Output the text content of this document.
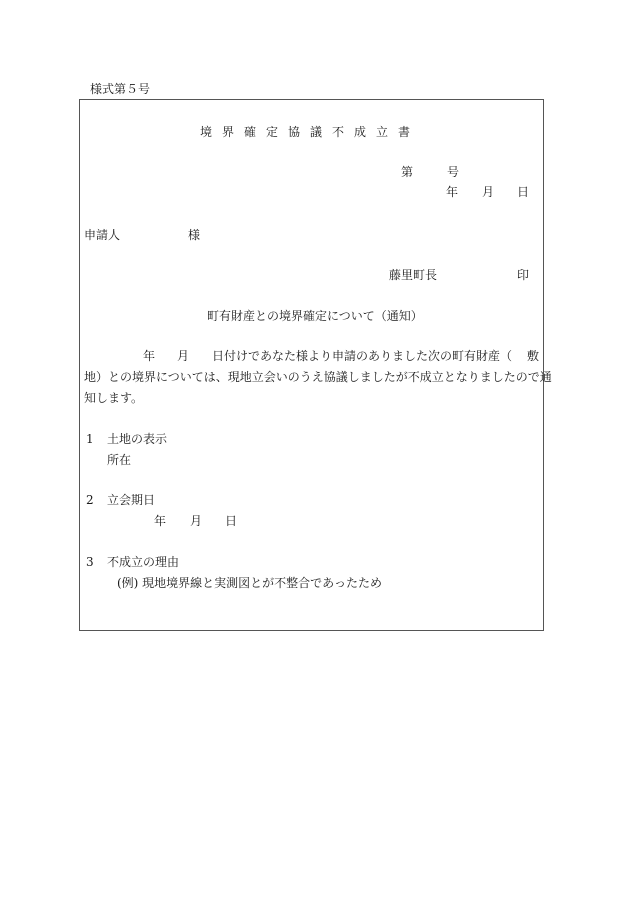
様式第５号
境界確定協議不成立書
第	号
年 月 日
申請人	様
藤里町長	印
町有財産との境界確定について（通知）
年 月 日付けであなた様より申請のありました次の町有財産（ 敷
地）との境界については、現地立会いのうえ協議しましたが不成立となりましたので通
知します。
1 土地の表示
所在
2 立会期日
年 月 日
3 不成立の理由
(例) 現地境界線と実測図とが不整合であったため
